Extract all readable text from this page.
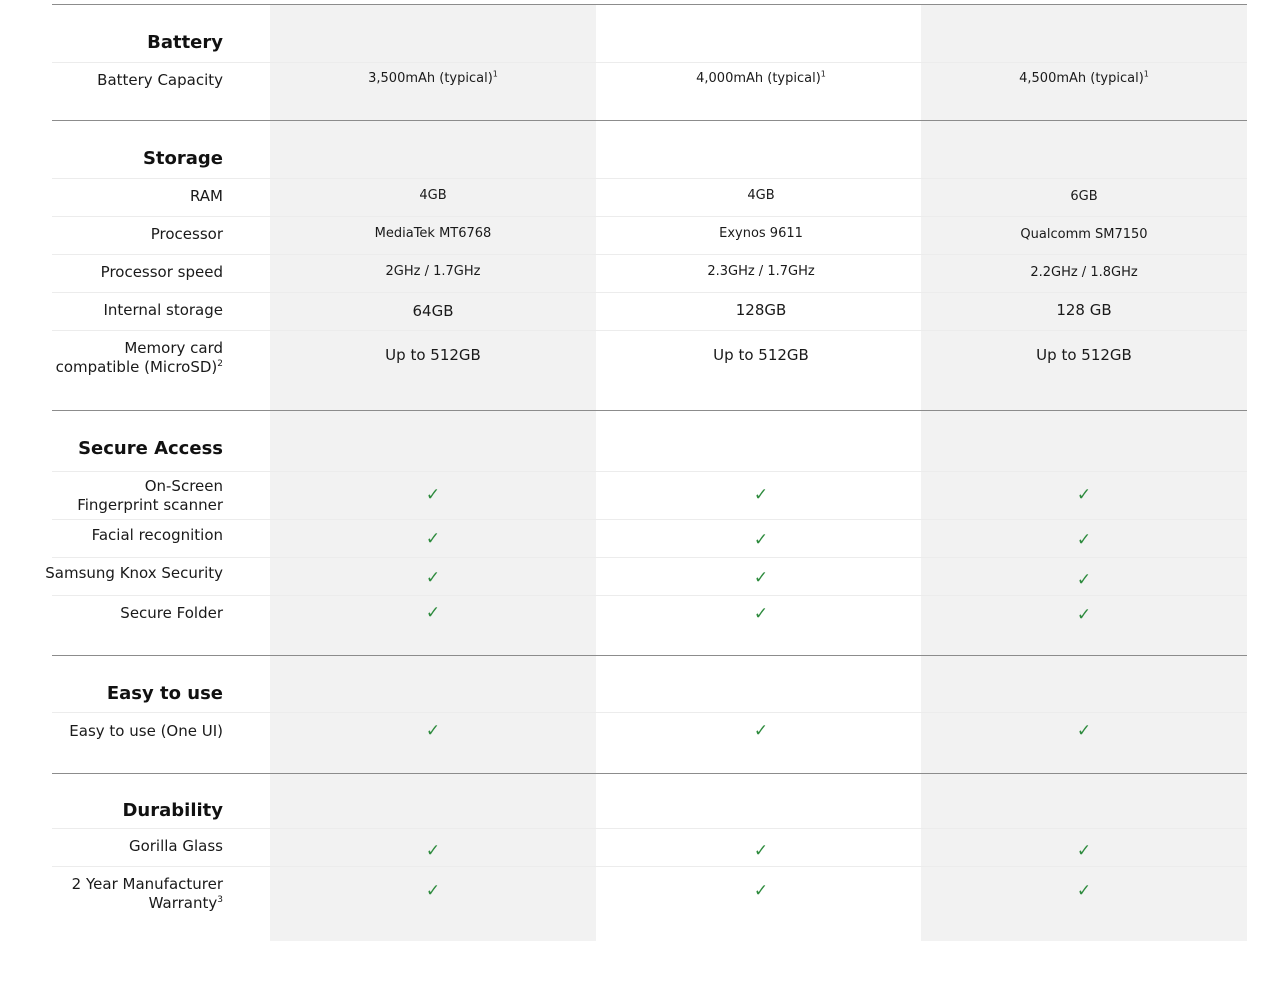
Battery
Battery Capacity	3,500mAh (typical)$^1$	4,000mAh (typical)$^1$	4,500mAh (typical)$^1$
Storage
RAM	4GB	4GB	6GB
Processor	MediaTek MT6768	Exynos 9611	Qualcomm SM7150
Processor speed	2GHz / 1.7GHz	2.3GHz / 1.7GHz	2.2GHz / 1.8GHz
Internal storage	64GB	128GB	128 GB
Memory card
compatible (MicroSD)$^2$	Up to 512GB	Up to 512GB	Up to 512GB
Secure Access
On-Screen
Fingerprint scanner	✓	✓	✓
Facial recognition	✓	✓	✓
Samsung Knox Security	✓	✓	✓
Secure Folder	✓	✓	✓
Easy to use
Easy to use (One UI)	✓	✓	✓
Durability
Gorilla Glass	✓	✓	✓
2 Year Manufacturer
Warranty$^3$	✓	✓	✓
